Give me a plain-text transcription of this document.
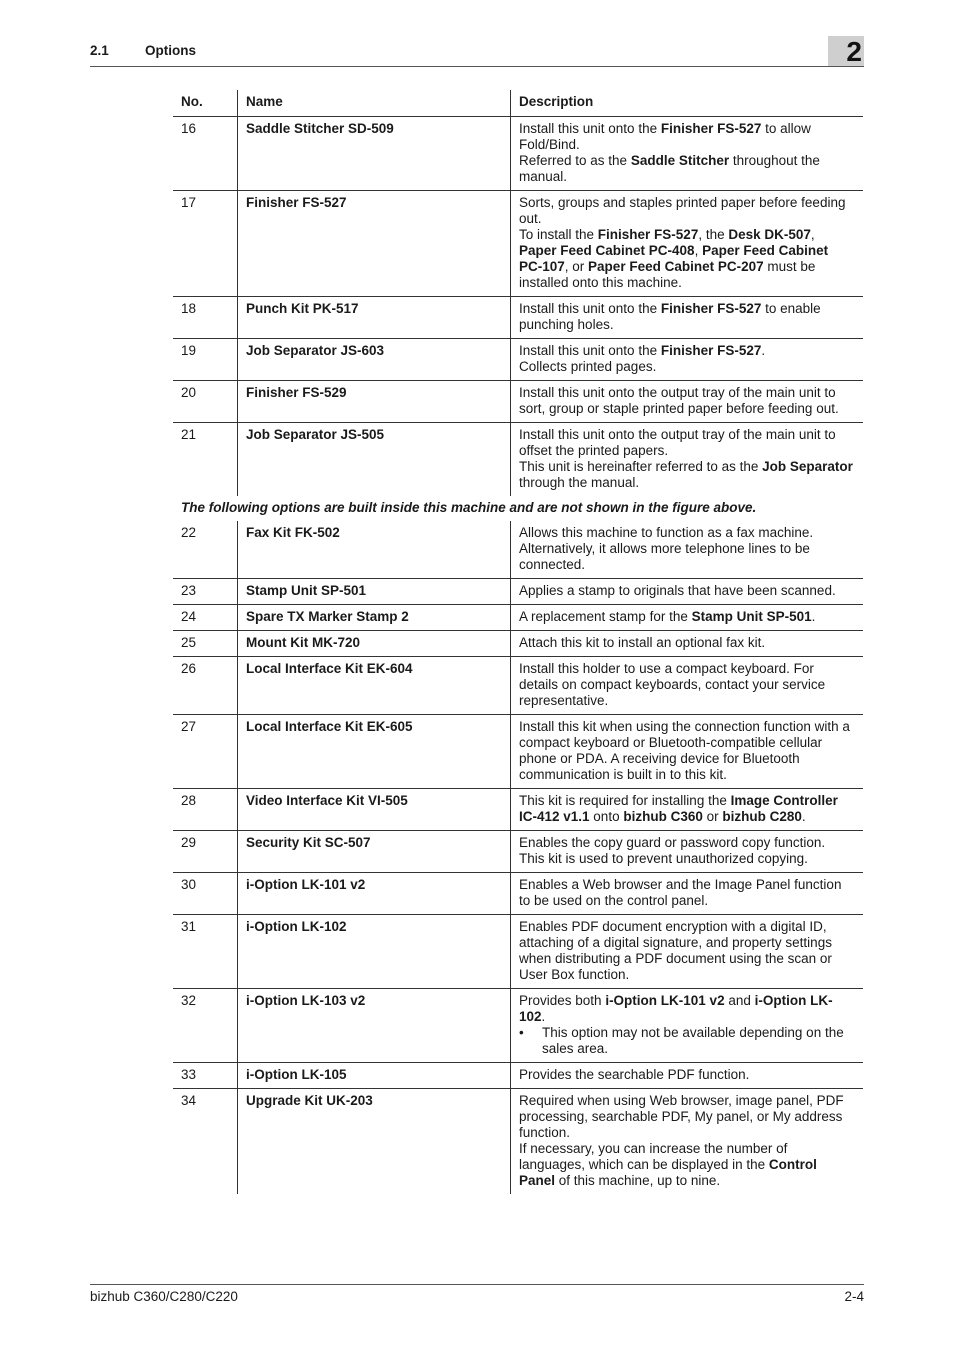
2.1	Options	2
No.	Name	Description
16	Saddle Stitcher SD-509	Install this unit onto the Finisher FS-527 to allow Fold/Bind.
Referred to as the Saddle Stitcher throughout the manual.

17	Finisher FS-527	Sorts, groups and staples printed paper before feeding out.
To install the Finisher FS-527, the Desk DK-507, Paper Feed Cabinet PC-408, Paper Feed Cabinet PC-107, or Paper Feed Cabinet PC-207 must be installed onto this machine.

18	Punch Kit PK-517	Install this unit onto the Finisher FS-527 to enable punching holes.

19	Job Separator JS-603	Install this unit onto the Finisher FS-527.
Collects printed pages.

20	Finisher FS-529	Install this unit onto the output tray of the main unit to sort, group or staple printed paper before feeding out.

21	Job Separator JS-505	Install this unit onto the output tray of the main unit to offset the printed papers.
This unit is hereinafter referred to as the Job Separator through the manual.

The following options are built inside this machine and are not shown in the figure above.		
22	Fax Kit FK-502	Allows this machine to function as a fax machine. Alternatively, it allows more telephone lines to be connected.

23	Stamp Unit SP-501	Applies a stamp to originals that have been scanned.

24	Spare TX Marker Stamp 2	A replacement stamp for the Stamp Unit SP-501.

25	Mount Kit MK-720	Attach this kit to install an optional fax kit.

26	Local Interface Kit EK-604	Install this holder to use a compact keyboard. For details on compact keyboards, contact your service representative.

27	Local Interface Kit EK-605	Install this kit when using the connection function with a compact keyboard or Bluetooth-compatible cellular phone or PDA. A receiving device for Bluetooth communication is built in to this kit.

28	Video Interface Kit VI-505	This kit is required for installing the Image Controller IC-412 v1.1 onto bizhub C360 or bizhub C280.

29	Security Kit SC-507	Enables the copy guard or password copy function.
This kit is used to prevent unauthorized copying.

30	i-Option LK-101 v2	Enables a Web browser and the Image Panel function to be used on the control panel.

31	i-Option LK-102	Enables PDF document encryption with a digital ID, attaching of a digital signature, and property settings when distributing a PDF document using the scan or User Box function.

32	i-Option LK-103 v2	Provides both i-Option LK-101 v2 and i-Option LK-102.
• This option may not be available depending on the sales area.

33	i-Option LK-105	Provides the searchable PDF function.

34	Upgrade Kit UK-203	Required when using Web browser, image panel, PDF processing, searchable PDF, My panel, or My address function.
If necessary, you can increase the number of languages, which can be displayed in the Control Panel of this machine, up to nine.
bizhub C360/C280/C220	2-4
